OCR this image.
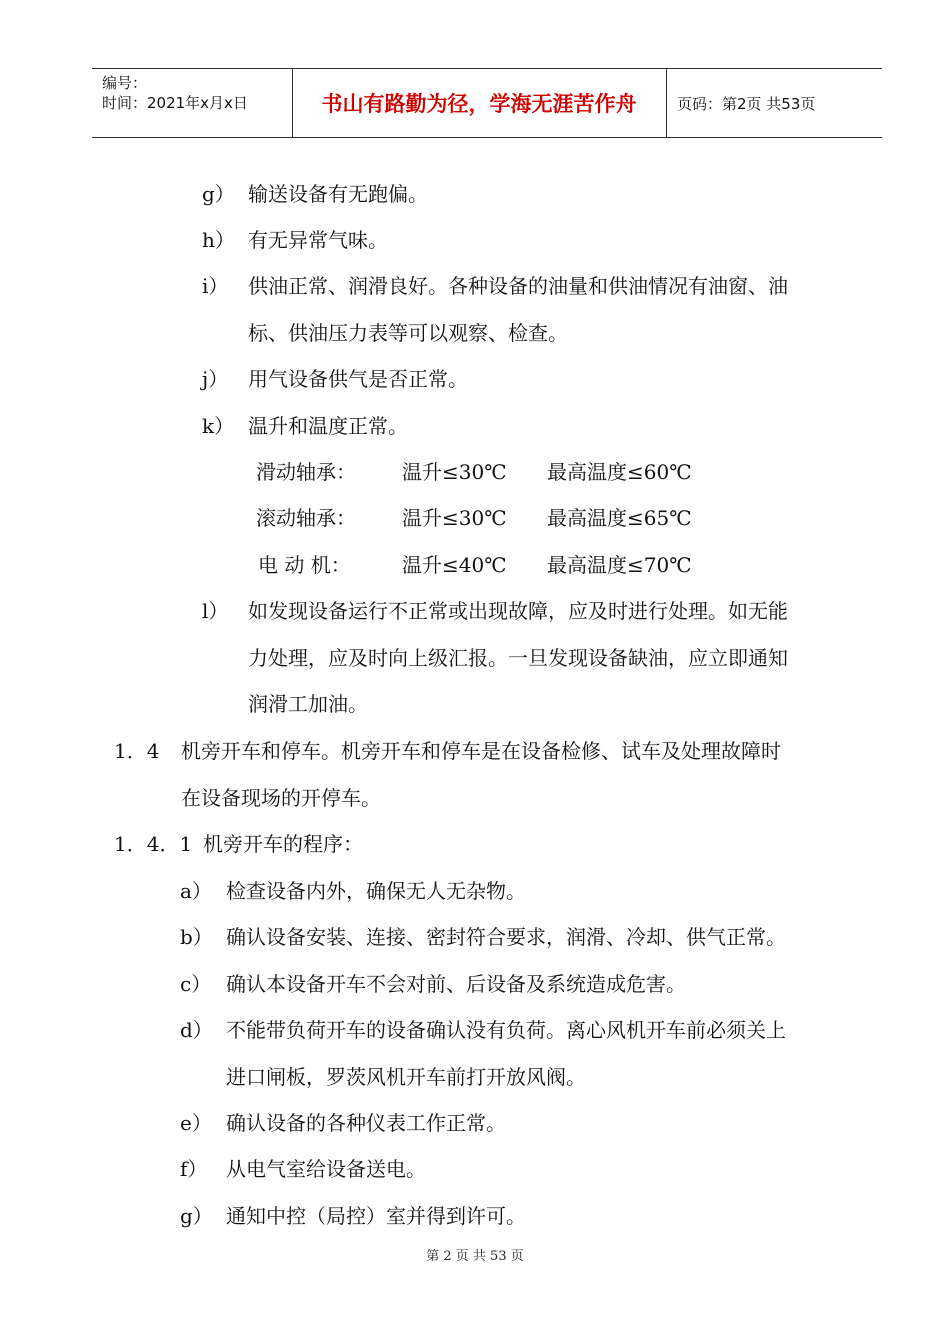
编号：
时间：2021年x月x日	书山有路勤为径，学海无涯苦作舟	页码：第2页 共53页
g） 输送设备有无跑偏。
h） 有无异常气味。
i） 供油正常、润滑良好。各种设备的油量和供油情况有油窗、油
标、供油压力表等可以观察、检查。
j） 用气设备供气是否正常。
k） 温升和温度正常。
滑动轴承： 温升≤30℃ 最高温度≤60℃
滚动轴承： 温升≤30℃ 最高温度≤65℃
电 动 机：	温升≤40℃ 最高温度≤70℃
l） 如发现设备运行不正常或出现故障，应及时进行处理。如无能
力处理，应及时向上级汇报。一旦发现设备缺油，应立即通知
润滑工加油。
1．4 机旁开车和停车。机旁开车和停车是在设备检修、试车及处理故障时
在设备现场的开停车。
1．4．1 机旁开车的程序：
a） 检查设备内外，确保无人无杂物。
b） 确认设备安装、连接、密封符合要求，润滑、冷却、供气正常。
c） 确认本设备开车不会对前、后设备及系统造成危害。
d） 不能带负荷开车的设备确认没有负荷。离心风机开车前必须关上
进口闸板，罗茨风机开车前打开放风阀。
e） 确认设备的各种仪表工作正常。
f） 从电气室给设备送电。
g） 通知中控（局控）室并得到许可。
第 2 页 共 53 页
